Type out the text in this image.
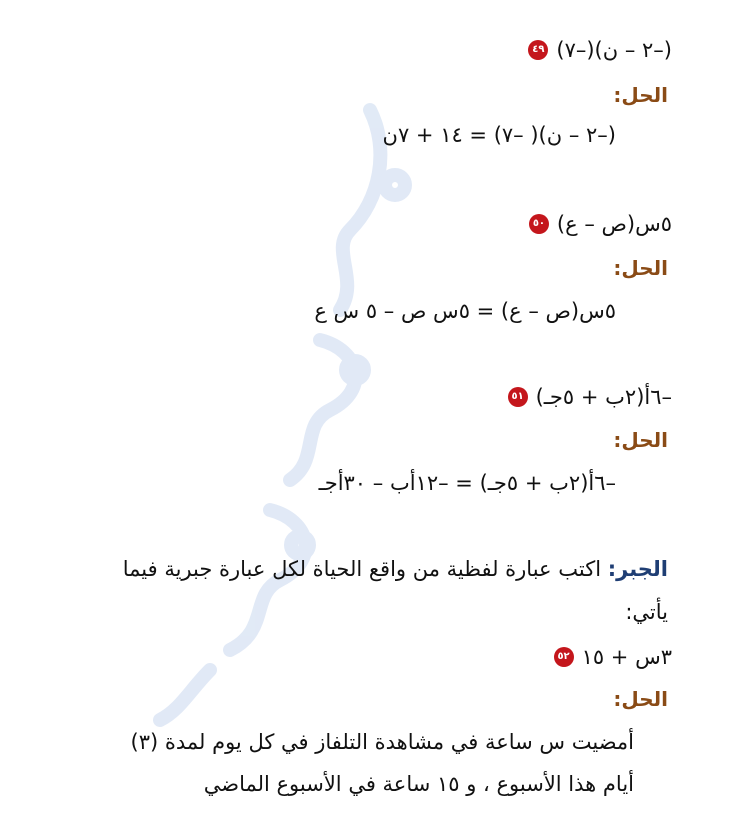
٤٩ (–٢ – ن)(–٧)
الحل:
(–٢ – ن)( –٧) = ١٤ + ٧ن
٥٠ ٥س(ص – ع)
الحل:
٥س(ص – ع) = ٥س ص – ٥ س ع
٥١ –٦أ(٢ب + ٥جـ)
الحل:
–٦أ(٢ب + ٥جـ) = –١٢أب – ٣٠أجـ
الجبر: اكتب عبارة لفظية من واقع الحياة لكل عبارة جبرية فيما
يأتي:
٥٢ ٣س + ١٥
الحل:
أمضيت س ساعة في مشاهدة التلفاز في كل يوم لمدة (٣)
أيام هذا الأسبوع ، و ١٥ ساعة في الأسبوع الماضي
